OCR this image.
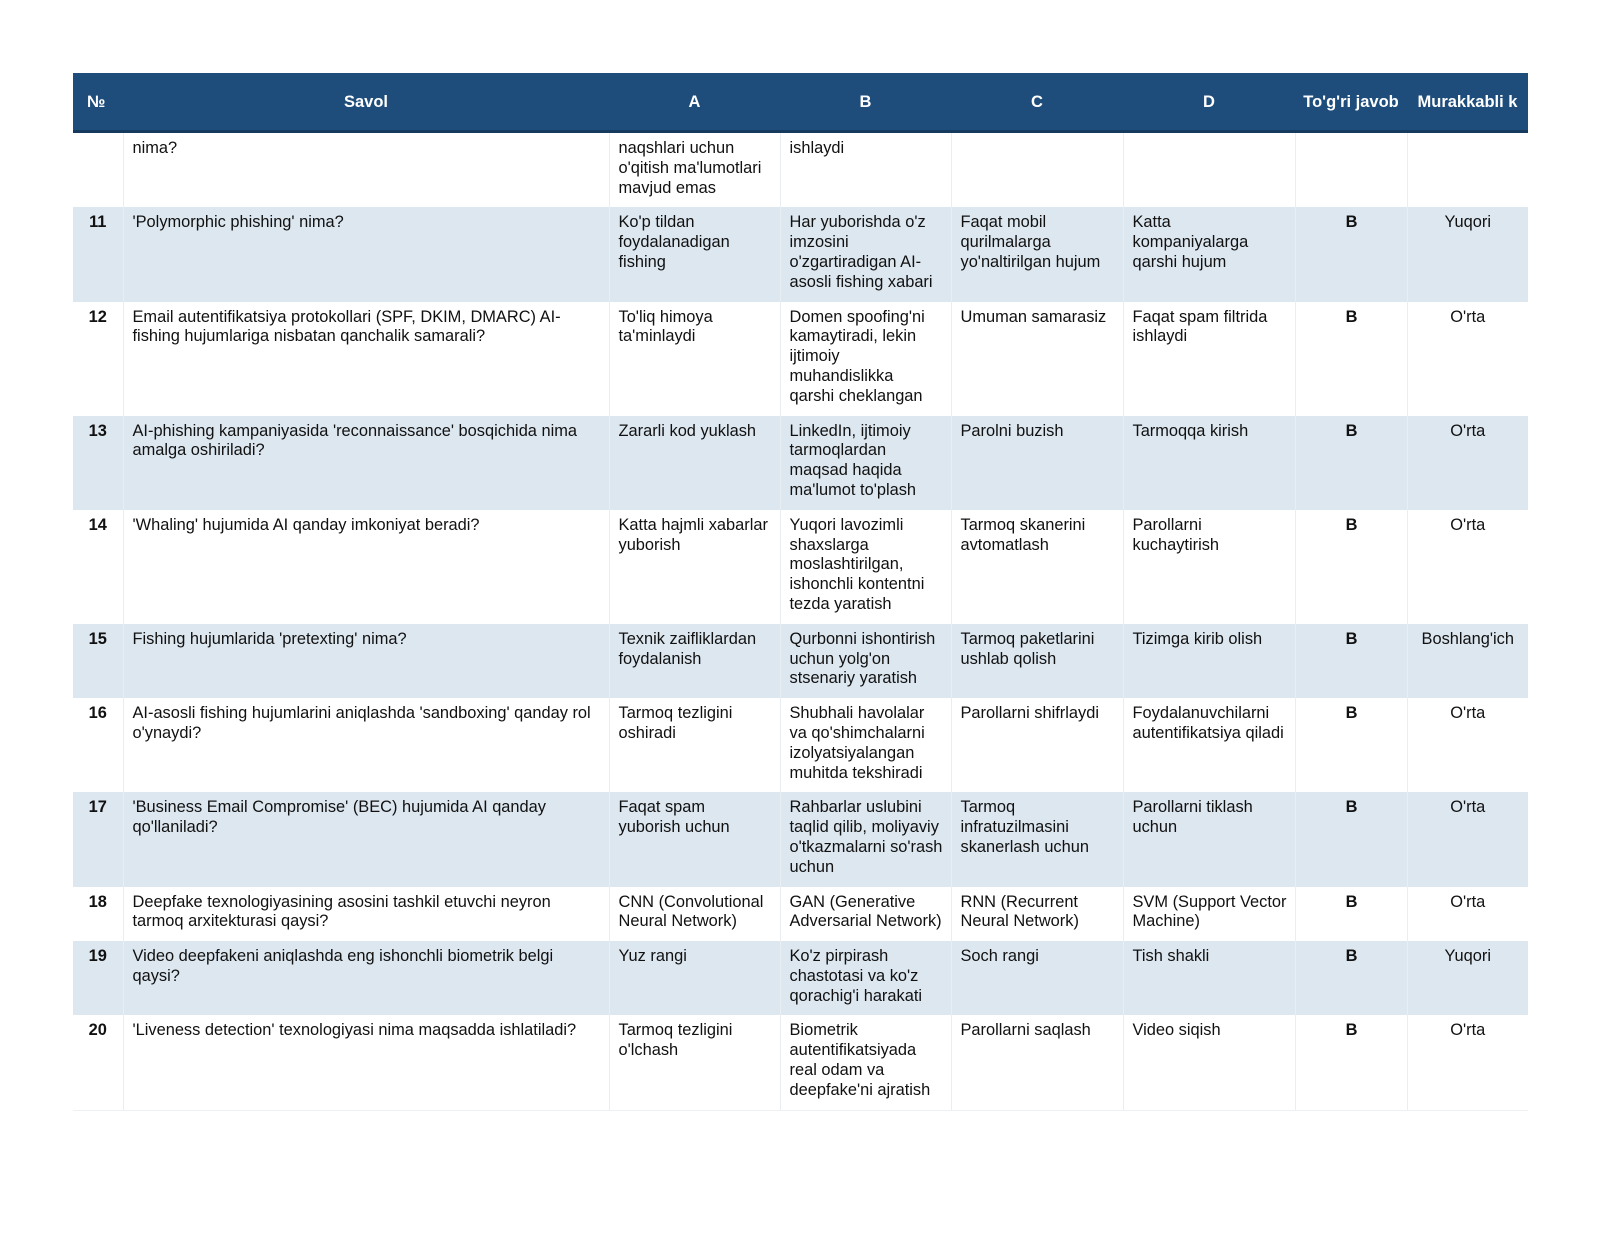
№	Savol	A	B	C	D	To'g'ri javob	Murakkabli k
	nima?	naqshlari uchun o'qitish ma'lumotlari mavjud emas	ishlaydi				
11	'Polymorphic phishing' nima?	Ko'p tildan foydalanadigan fishing	Har yuborishda o'z imzosini o'zgartiradigan AI-asosli fishing xabari	Faqat mobil qurilmalarga yo'naltirilgan hujum	Katta kompaniyalarga qarshi hujum	B	Yuqori
12	Email autentifikatsiya protokollari (SPF, DKIM, DMARC) AI-fishing hujumlariga nisbatan qanchalik samarali?	To'liq himoya ta'minlaydi	Domen spoofing'ni kamaytiradi, lekin ijtimoiy muhandislikka qarshi cheklangan	Umuman samarasiz	Faqat spam filtrida ishlaydi	B	O'rta
13	AI-phishing kampaniyasida 'reconnaissance' bosqichida nima amalga oshiriladi?	Zararli kod yuklash	LinkedIn, ijtimoiy tarmoqlardan maqsad haqida ma'lumot to'plash	Parolni buzish	Tarmoqqa kirish	B	O'rta
14	'Whaling' hujumida AI qanday imkoniyat beradi?	Katta hajmli xabarlar yuborish	Yuqori lavozimli shaxslarga moslashtirilgan, ishonchli kontentni tezda yaratish	Tarmoq skanerini avtomatlash	Parollarni kuchaytirish	B	O'rta
15	Fishing hujumlarida 'pretexting' nima?	Texnik zaifliklardan foydalanish	Qurbonni ishontirish uchun yolg'on stsenariy yaratish	Tarmoq paketlarini ushlab qolish	Tizimga kirib olish	B	Boshlang'ich
16	AI-asosli fishing hujumlarini aniqlashda 'sandboxing' qanday rol o'ynaydi?	Tarmoq tezligini oshiradi	Shubhali havolalar va qo'shimchalarni izolyatsiyalangan muhitda tekshiradi	Parollarni shifrlaydi	Foydalanuvchilarni autentifikatsiya qiladi	B	O'rta
17	'Business Email Compromise' (BEC) hujumida AI qanday qo'llaniladi?	Faqat spam yuborish uchun	Rahbarlar uslubini taqlid qilib, moliyaviy o'tkazmalarni so'rash uchun	Tarmoq infratuzilmasini skanerlash uchun	Parollarni tiklash uchun	B	O'rta
18	Deepfake texnologiyasining asosini tashkil etuvchi neyron tarmoq arxitekturasi qaysi?	CNN (Convolutional Neural Network)	GAN (Generative Adversarial Network)	RNN (Recurrent Neural Network)	SVM (Support Vector Machine)	B	O'rta
19	Video deepfakeni aniqlashda eng ishonchli biometrik belgi qaysi?	Yuz rangi	Ko'z pirpirash chastotasi va ko'z qorachig'i harakati	Soch rangi	Tish shakli	B	Yuqori
20	'Liveness detection' texnologiyasi nima maqsadda ishlatiladi?	Tarmoq tezligini o'lchash	Biometrik autentifikatsiyada real odam va deepfake'ni ajratish	Parollarni saqlash	Video siqish	B	O'rta
